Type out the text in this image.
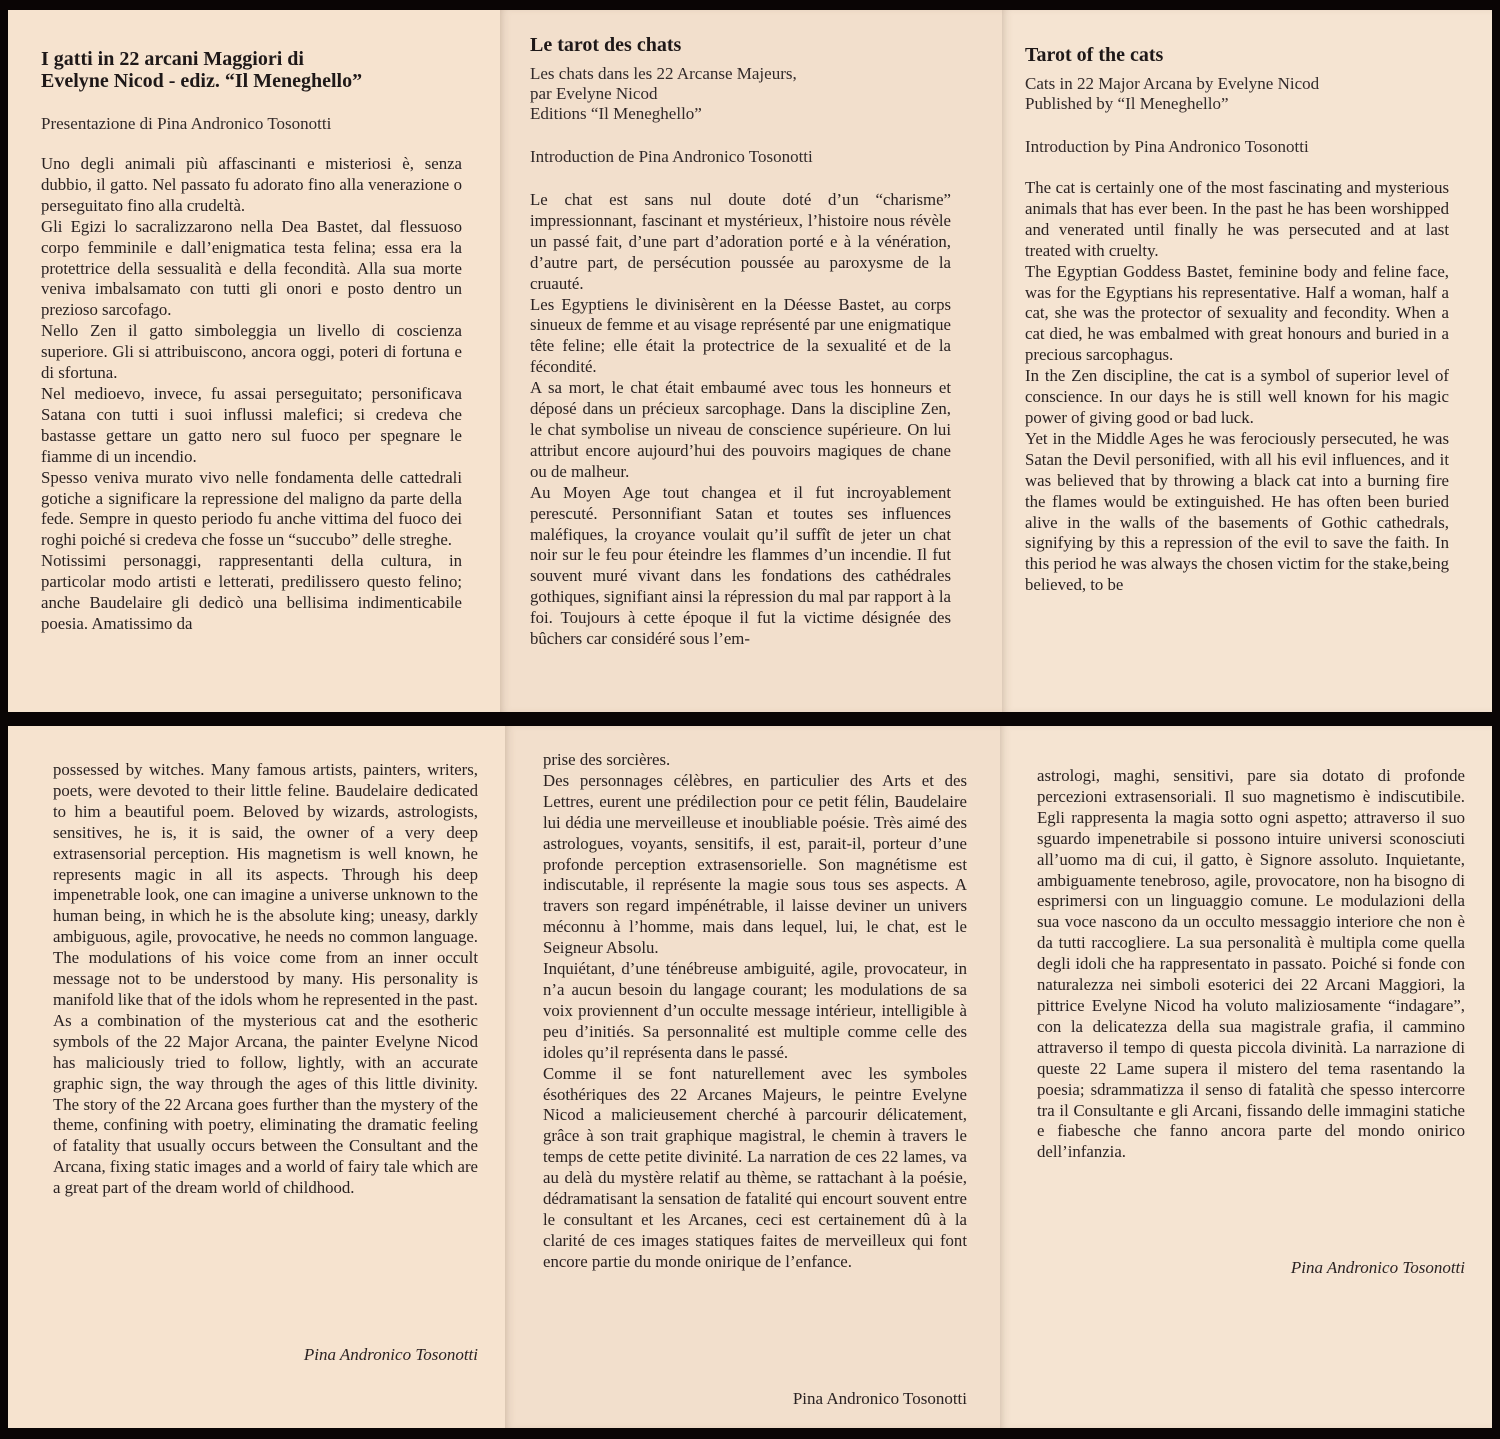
I gatti in 22 arcani Maggiori di
Evelyne Nicod - ediz. “Il Meneghello”
Presentazione di Pina Andronico Tosonotti

Uno degli animali più affascinanti e misteriosi è, senza dubbio, il gatto. Nel passato fu adorato fino alla venerazione o perseguitato fino alla crudeltà.

Gli Egizi lo sacralizzarono nella Dea Bastet, dal flessuoso corpo femminile e dall’enigmatica testa felina; essa era la protettrice della sessualità e della fecondità. Alla sua morte veniva imbalsamato con tutti gli onori e posto dentro un prezioso sarcofago.

Nello Zen il gatto simboleggia un livello di coscienza superiore. Gli si attribuiscono, ancora oggi, poteri di fortuna e di sfortuna.

Nel medioevo, invece, fu assai perseguitato; personificava Satana con tutti i suoi influssi malefici; si credeva che bastasse gettare un gatto nero sul fuoco per spegnare le fiamme di un incendio.

Spesso veniva murato vivo nelle fondamenta delle cattedrali gotiche a significare la repressione del maligno da parte della fede. Sempre in questo periodo fu anche vittima del fuoco dei roghi poiché si credeva che fosse un “succubo” delle streghe.

Notissimi personaggi, rappresentanti della cultura, in particolar modo artisti e letterati, predilissero questo felino; anche Baudelaire gli dedicò una bellisima indimenticabile poesia. Amatissimo da

Le tarot des chats
Les chats dans les 22 Arcanse Majeurs,
par Evelyne Nicod
Editions “Il Meneghello”
Introduction de Pina Andronico Tosonotti

Le chat est sans nul doute doté d’un “charisme” impressionnant, fascinant et mystérieux, l’histoire nous révèle un passé fait, d’une part d’adoration porté e à la vénération, d’autre part, de persécution poussée au paroxysme de la cruauté.

Les Egyptiens le divinisèrent en la Déesse Bastet, au corps sinueux de femme et au visage représenté par une enigmatique tête feline; elle était la protectrice de la sexualité et de la fécondité.

A sa mort, le chat était embaumé avec tous les honneurs et déposé dans un précieux sarcophage. Dans la discipline Zen, le chat symbolise un niveau de conscience supérieure. On lui attribut encore aujourd’hui des pouvoirs magiques de chane ou de malheur.

Au Moyen Age tout changea et il fut incroyablement perescuté. Personnifiant Satan et toutes ses influences maléfiques, la croyance voulait qu’il suffît de jeter un chat noir sur le feu pour éteindre les flammes d’un incendie. Il fut souvent muré vivant dans les fondations des cathédrales gothiques, signifiant ainsi la répression du mal par rapport à la foi. Toujours à cette époque il fut la victime désignée des bûchers car considéré sous l’em-

Tarot of the cats
Cats in 22 Major Arcana by Evelyne Nicod
Published by “Il Meneghello”
Introduction by Pina Andronico Tosonotti

The cat is certainly one of the most fascinating and mysterious animals that has ever been. In the past he has been worshipped and venerated until finally he was persecuted and at last treated with cruelty.

The Egyptian Goddess Bastet, feminine body and feline face, was for the Egyptians his representative. Half a woman, half a cat, she was the protector of sexuality and fecondity. When a cat died, he was embalmed with great honours and buried in a precious sarcophagus.

In the Zen discipline, the cat is a symbol of superior level of conscience. In our days he is still well known for his magic power of giving good or bad luck.

Yet in the Middle Ages he was ferociously persecuted, he was Satan the Devil personified, with all his evil influences, and it was believed that by throwing a black cat into a burning fire the flames would be extinguished. He has often been buried alive in the walls of the basements of Gothic cathedrals, signifying by this a repression of the evil to save the faith. In this period he was always the chosen victim for the stake,being believed, to be

possessed by witches. Many famous artists, painters, writers, poets, were devoted to their little feline. Baudelaire dedicated to him a beautiful poem. Beloved by wizards, astrologists, sensitives, he is, it is said, the owner of a very deep extrasensorial perception. His magnetism is well known, he represents magic in all its aspects. Through his deep impenetrable look, one can imagine a universe unknown to the human being, in which he is the absolute king; uneasy, darkly ambiguous, agile, provocative, he needs no common language. The modulations of his voice come from an inner occult message not to be understood by many. His personality is manifold like that of the idols whom he represented in the past. As a combination of the mysterious cat and the esotheric symbols of the 22 Major Arcana, the painter Evelyne Nicod has maliciously tried to follow, lightly, with an accurate graphic sign, the way through the ages of this little divinity. The story of the 22 Arcana goes further than the mystery of the theme, confining with poetry, eliminating the dramatic feeling of fatality that usually occurs between the Consultant and the Arcana, fixing static images and a world of fairy tale which are a great part of the dream world of childhood.

Pina Andronico Tosonotti

prise des sorcières.

Des personnages célèbres, en particulier des Arts et des Lettres, eurent une prédilection pour ce petit félin, Baudelaire lui dédia une merveilleuse et inoubliable poésie. Très aimé des astrologues, voyants, sensitifs, il est, parait-il, porteur d’une profonde perception extrasensorielle. Son magnétisme est indiscutable, il représente la magie sous tous ses aspects. A travers son regard impénétrable, il laisse deviner un univers méconnu à l’homme, mais dans lequel, lui, le chat, est le Seigneur Absolu.

Inquiétant, d’une ténébreuse ambiguité, agile, provocateur, in n’a aucun besoin du langage courant; les modulations de sa voix proviennent d’un occulte message intérieur, intelligible à peu d’initiés. Sa personnalité est multiple comme celle des idoles qu’il représenta dans le passé.

Comme il se font naturellement avec les symboles ésothériques des 22 Arcanes Majeurs, le peintre Evelyne Nicod a malicieusement cherché à parcourir délicatement, grâce à son trait graphique magistral, le chemin à travers le temps de cette petite divinité. La narration de ces 22 lames, va au delà du mystère relatif au thème, se rattachant à la poésie, dédramatisant la sensation de fatalité qui encourt souvent entre le consultant et les Arcanes, ceci est certainement dû à la clarité de ces images statiques faites de merveilleux qui font encore partie du monde onirique de l’enfance.

Pina Andronico Tosonotti

astrologi, maghi, sensitivi, pare sia dotato di profonde percezioni extrasensoriali. Il suo magnetismo è indiscutibile. Egli rappresenta la magia sotto ogni aspetto; attraverso il suo sguardo impenetrabile si possono intuire universi sconosciuti all’uomo ma di cui, il gatto, è Signore assoluto. Inquietante, ambiguamente tenebroso, agile, provocatore, non ha bisogno di esprimersi con un linguaggio comune. Le modulazioni della sua voce nascono da un occulto messaggio interiore che non è da tutti raccogliere. La sua personalità è multipla come quella degli idoli che ha rappresentato in passato. Poiché si fonde con naturalezza nei simboli esoterici dei 22 Arcani Maggiori, la pittrice Evelyne Nicod ha voluto maliziosamente “indagare”, con la delicatezza della sua magistrale grafia, il cammino attraverso il tempo di questa piccola divinità. La narrazione di queste 22 Lame supera il mistero del tema rasentando la poesia; sdrammatizza il senso di fatalità che spesso intercorre tra il Consultante e gli Arcani, fissando delle immagini statiche e fiabesche che fanno ancora parte del mondo onirico dell’infanzia.

Pina Andronico Tosonotti
